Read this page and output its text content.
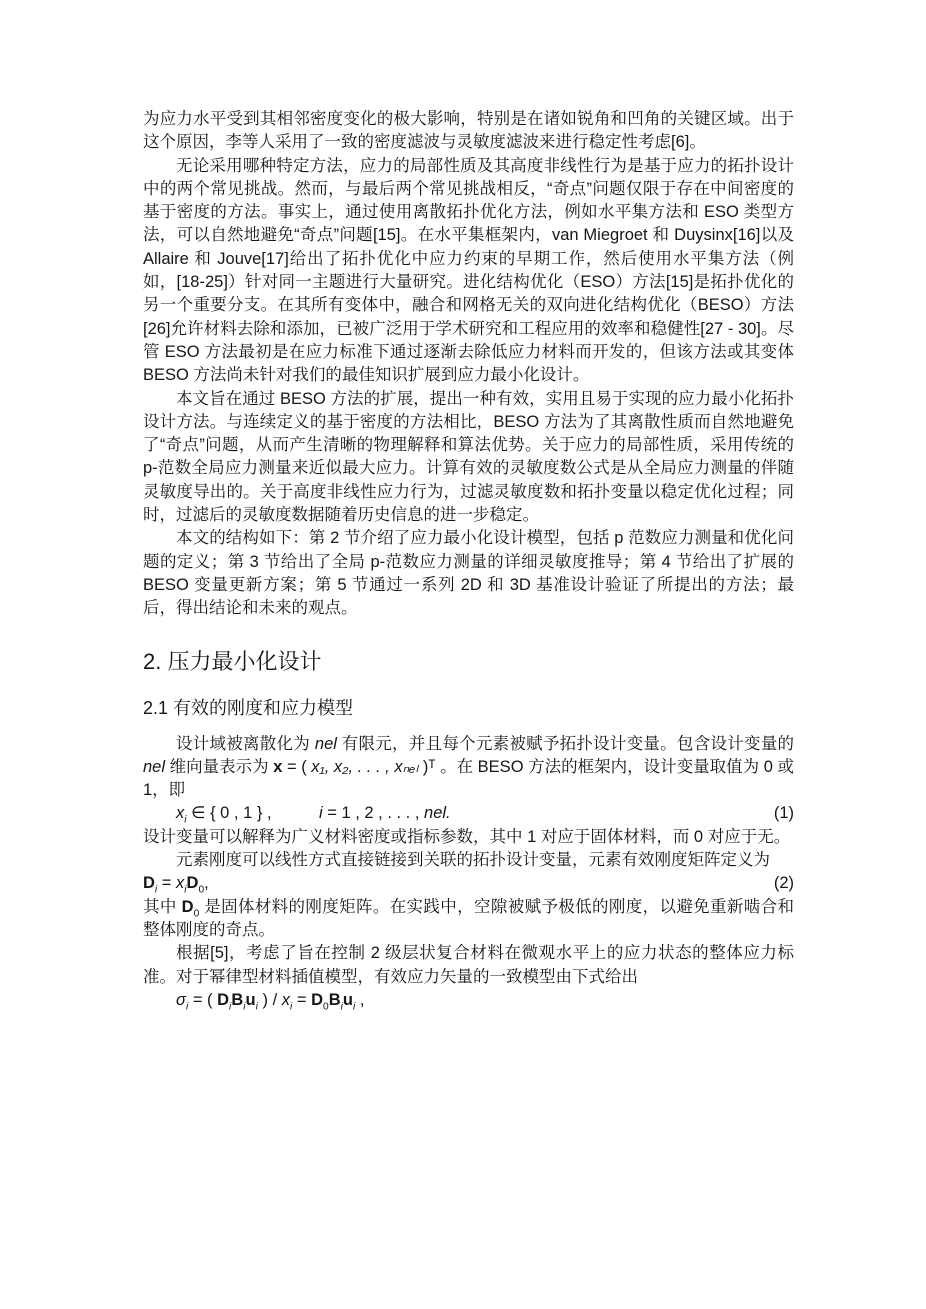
为应力水平受到其相邻密度变化的极大影响，特别是在诸如锐角和凹角的关键区域。出于这个原因，李等人采用了一致的密度滤波与灵敏度滤波来进行稳定性考虑[6]。

无论采用哪种特定方法，应力的局部性质及其高度非线性行为是基于应力的拓扑设计中的两个常见挑战。然而，与最后两个常见挑战相反，“奇点”问题仅限于存在中间密度的基于密度的方法。事实上，通过使用离散拓扑优化方法，例如水平集方法和 ESO 类型方法，可以自然地避免“奇点”问题[15]。在水平集框架内，van Miegroet 和 Duysinx[16]以及 Allaire 和 Jouve[17]给出了拓扑优化中应力约束的早期工作，然后使用水平集方法（例如，[18-25]）针对同一主题进行大量研究。进化结构优化（ESO）方法[15]是拓扑优化的另一个重要分支。在其所有变体中，融合和网格无关的双向进化结构优化（BESO）方法[26]允许材料去除和添加，已被广泛用于学术研究和工程应用的效率和稳健性[27 - 30]。尽管 ESO 方法最初是在应力标准下通过逐渐去除低应力材料而开发的，但该方法或其变体 BESO 方法尚未针对我们的最佳知识扩展到应力最小化设计。

本文旨在通过 BESO 方法的扩展，提出一种有效，实用且易于实现的应力最小化拓扑设计方法。与连续定义的基于密度的方法相比，BESO 方法为了其离散性质而自然地避免了“奇点”问题，从而产生清晰的物理解释和算法优势。关于应力的局部性质，采用传统的 p-范数全局应力测量来近似最大应力。计算有效的灵敏度数公式是从全局应力测量的伴随灵敏度导出的。关于高度非线性应力行为，过滤灵敏度数和拓扑变量以稳定优化过程；同时，过滤后的灵敏度数据随着历史信息的进一步稳定。

本文的结构如下：第 2 节介绍了应力最小化设计模型，包括 p 范数应力测量和优化问题的定义；第 3 节给出了全局 p-范数应力测量的详细灵敏度推导；第 4 节给出了扩展的 BESO 变量更新方案；第 5 节通过一系列 2D 和 3D 基准设计验证了所提出的方法；最后，得出结论和未来的观点。

2. 压力最小化设计
2.1 有效的刚度和应力模型

设计域被离散化为 nel 有限元，并且每个元素被赋予拓扑设计变量。包含设计变量的 nel 维向量表示为 x = ( x₁, x₂, . . . , xₙₑₗ )ᵀ 。在 BESO 方法的框架内，设计变量取值为 0 或 1，即

$x_i$ ∈ { 0 , 1 } ,	i = 1 , 2 , . . . , nel.	(1)

设计变量可以解释为广义材料密度或指标参数，其中 1 对应于固体材料，而 0 对应于无。

元素刚度可以线性方式直接链接到关联的拓扑设计变量，元素有效刚度矩阵定义为

$D_i = x_iD_0$,	(2)

其中 $D_0$ 是固体材料的刚度矩阵。在实践中，空隙被赋予极低的刚度，以避免重新啮合和整体刚度的奇点。

根据[5]，考虑了旨在控制 2 级层状复合材料在微观水平上的应力状态的整体应力标准。对于幂律型材料插值模型，有效应力矢量的一致模型由下式给出

$\sigma_i$ = ( $D_iB_iu_i$ ) / $x_i = D_0B_iu_i$ ,
